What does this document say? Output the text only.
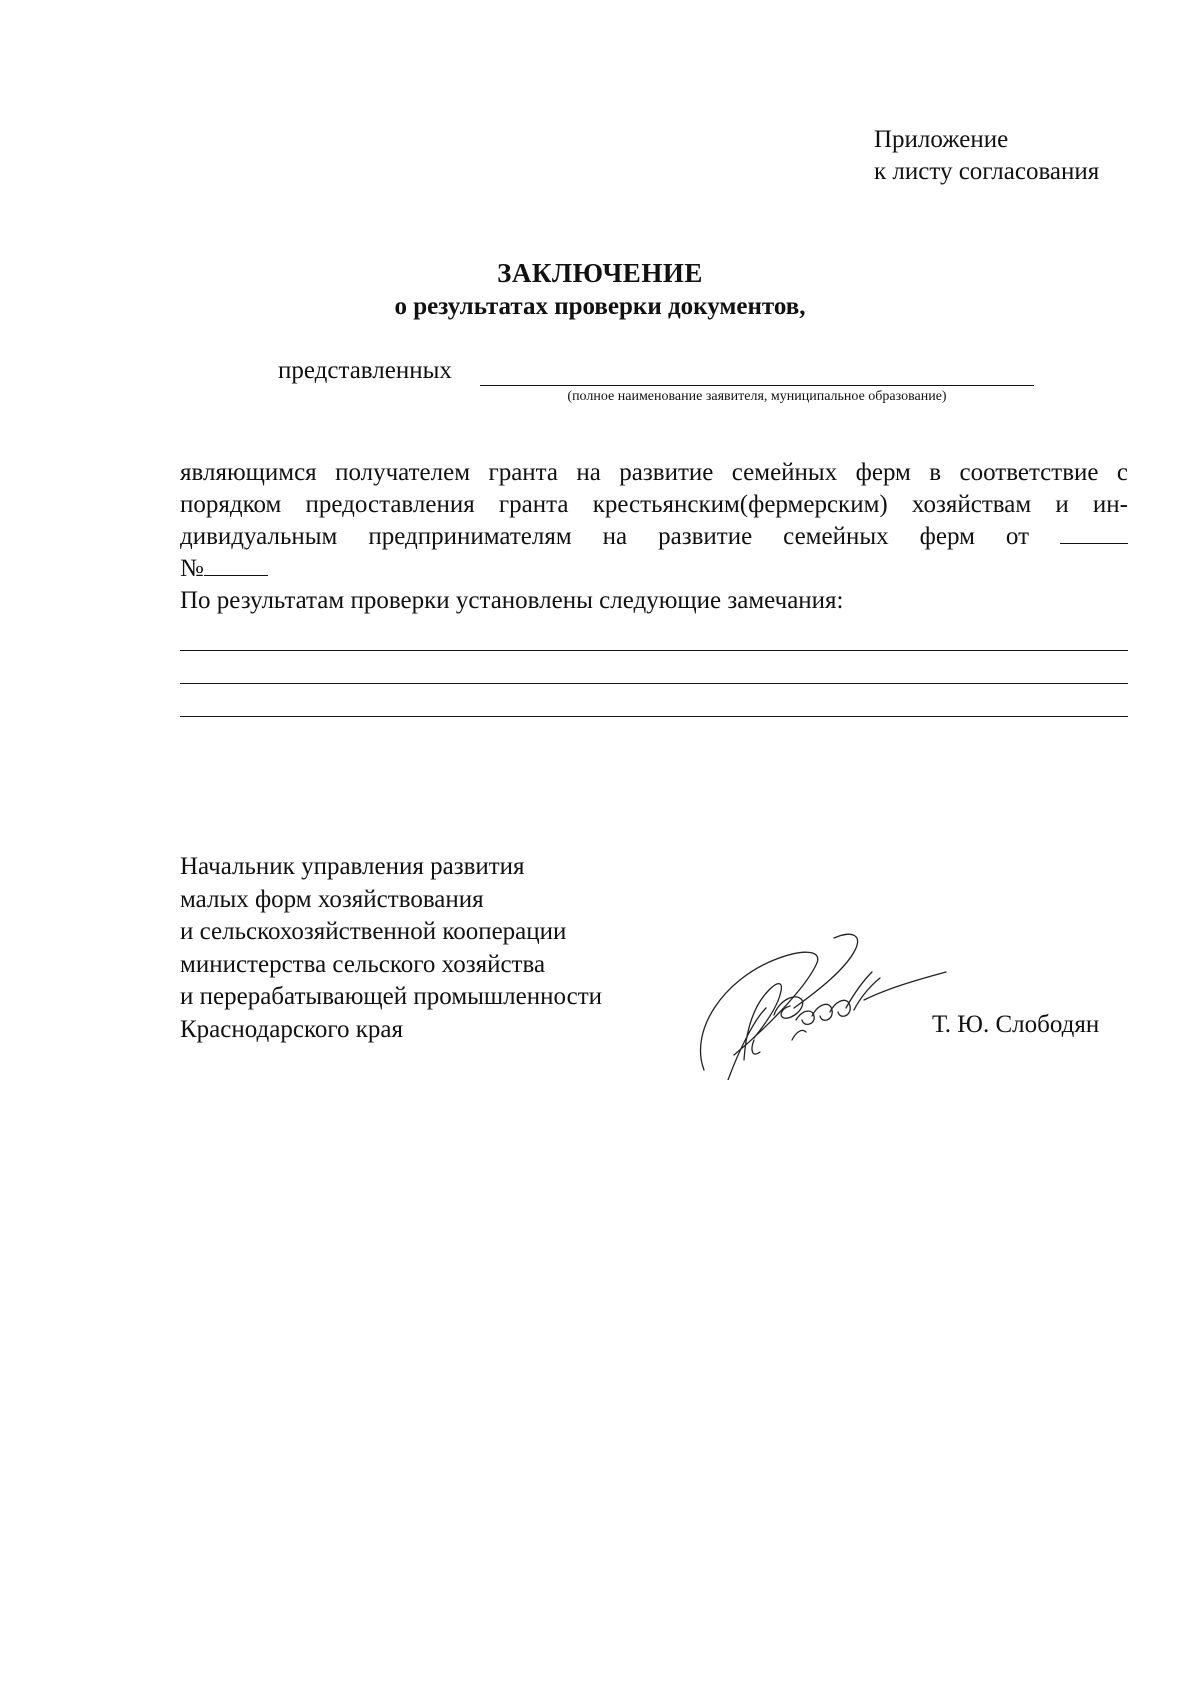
Приложение
к листу согласования
ЗАКЛЮЧЕНИЕ
о результатах проверки документов,
представленных
(полное наименование заявителя, муниципальное образование)
являющимся получателем гранта на развитие семейных ферм в соответствие с
порядком предоставления гранта крестьянским(фермерским) хозяйствам и ин-
дивидуальным предпринимателям на развитие семейных ферм от
№
По результатам проверки установлены следующие замечания:
Начальник управления развития
малых форм хозяйствования
и сельскохозяйственной кооперации
министерства сельского хозяйства
и перерабатывающей промышленности
Краснодарского края	Т. Ю. Слободян
